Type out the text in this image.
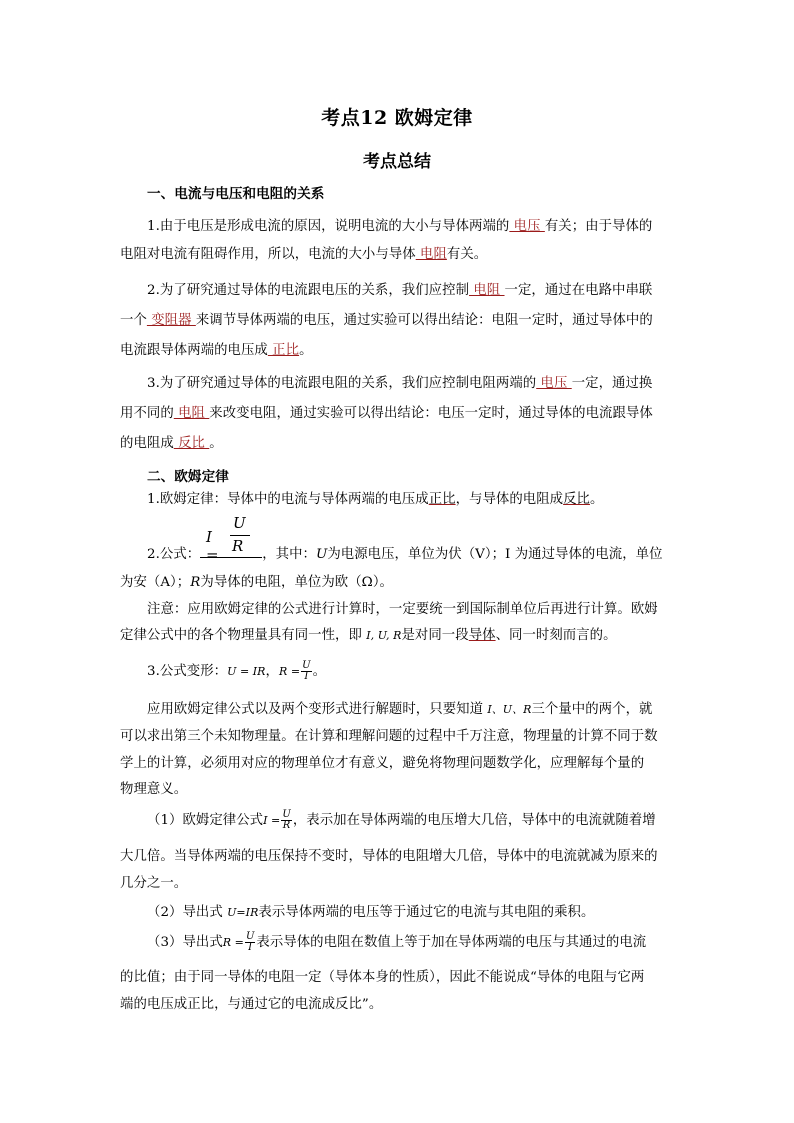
考点12 欧姆定律
考点总结
一、电流与电压和电阻的关系
1.由于电压是形成电流的原因，说明电流的大小与导体两端的 电压 有关；由于导体的
电阻对电流有阻碍作用，所以，电流的大小与导体 电阻有关。
2.为了研究通过导体的电流跟电压的关系，我们应控制 电阻 一定，通过在电路中串联
一个 变阻器 来调节导体两端的电压，通过实验可以得出结论：电阻一定时，通过导体中的
电流跟导体两端的电压成 正比。
3.为了研究通过导体的电流跟电阻的关系，我们应控制电阻两端的 电压 一定，通过换
用不同的 电阻 来改变电阻，通过实验可以得出结论：电压一定时，通过导体的电流跟导体
的电阻成 反比 。
二、欧姆定律
1.欧姆定律：导体中的电流与导体两端的电压成正比，与导体的电阻成反比。
I =
U
R
2.公式：	，其中：U为电源电压，单位为伏（V）；I 为通过导体的电流，单位
为安（A）；R为导体的电阻，单位为欧（Ω）。
注意：应用欧姆定律的公式进行计算时，一定要统一到国际制单位后再进行计算。欧姆
定律公式中的各个物理量具有同一性，即 I, U, R是对同一段导体、同一时刻而言的。
3.公式变形：U = IR，$R = \frac{U}{I}$ 。
应用欧姆定律公式以及两个变形式进行解题时，只要知道 I、U、R三个量中的两个，就
可以求出第三个未知物理量。在计算和理解问题的过程中千万注意，物理量的计算不同于数
学上的计算，必须用对应的物理单位才有意义，避免将物理问题数学化，应理解每个量的
物理意义。
（1）欧姆定律公式$I = \frac{U}{R}$ ，表示加在导体两端的电压增大几倍，导体中的电流就随着增
大几倍。当导体两端的电压保持不变时，导体的电阻增大几倍，导体中的电流就减为原来的
几分之一。
（2）导出式 U=IR表示导体两端的电压等于通过它的电流与其电阻的乘积。
（3）导出式$R = \frac{U}{I}$ 表示导体的电阻在数值上等于加在导体两端的电压与其通过的电流
的比值；由于同一导体的电阻一定（导体本身的性质），因此不能说成“导体的电阻与它两
端的电压成正比，与通过它的电流成反比”。
